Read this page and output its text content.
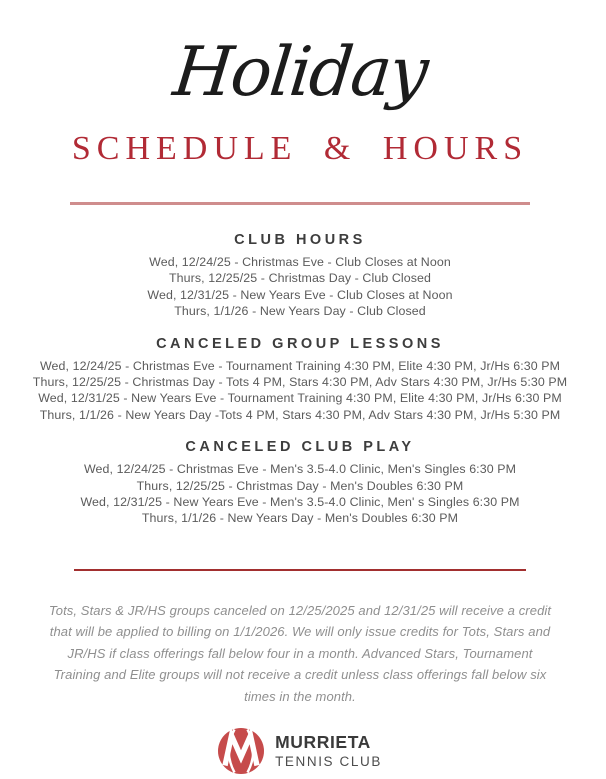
Holiday
SCHEDULE & HOURS
CLUB HOURS

Wed, 12/24/25 - Christmas Eve - Club Closes at Noon

Thurs, 12/25/25 - Christmas Day - Club Closed

Wed, 12/31/25 - New Years Eve - Club Closes at Noon

Thurs, 1/1/26 - New Years Day - Club Closed

CANCELED GROUP LESSONS

Wed, 12/24/25 - Christmas Eve - Tournament Training 4:30 PM, Elite 4:30 PM, Jr/Hs 6:30 PM

Thurs, 12/25/25 - Christmas Day - Tots 4 PM, Stars 4:30 PM, Adv Stars 4:30 PM, Jr/Hs 5:30 PM

Wed, 12/31/25 - New Years Eve - Tournament Training 4:30 PM, Elite 4:30 PM, Jr/Hs 6:30 PM

Thurs, 1/1/26 - New Years Day -Tots 4 PM, Stars 4:30 PM, Adv Stars 4:30 PM, Jr/Hs 5:30 PM

CANCELED CLUB PLAY

Wed, 12/24/25 - Christmas Eve - Men's 3.5-4.0 Clinic, Men's Singles 6:30 PM

Thurs, 12/25/25 - Christmas Day - Men's Doubles 6:30 PM

Wed, 12/31/25 - New Years Eve - Men's 3.5-4.0 Clinic, Men' s Singles 6:30 PM

Thurs, 1/1/26 - New Years Day - Men's Doubles 6:30 PM

Tots, Stars & JR/HS groups canceled on 12/25/2025 and 12/31/25 will receive a credit that will be applied to billing on 1/1/2026. We will only issue credits for Tots, Stars and JR/HS if class offerings fall below four in a month. Advanced Stars, Tournament Training and Elite groups will not receive a credit unless class offerings fall below six times in the month.

MURRIETA
TENNIS CLUB
